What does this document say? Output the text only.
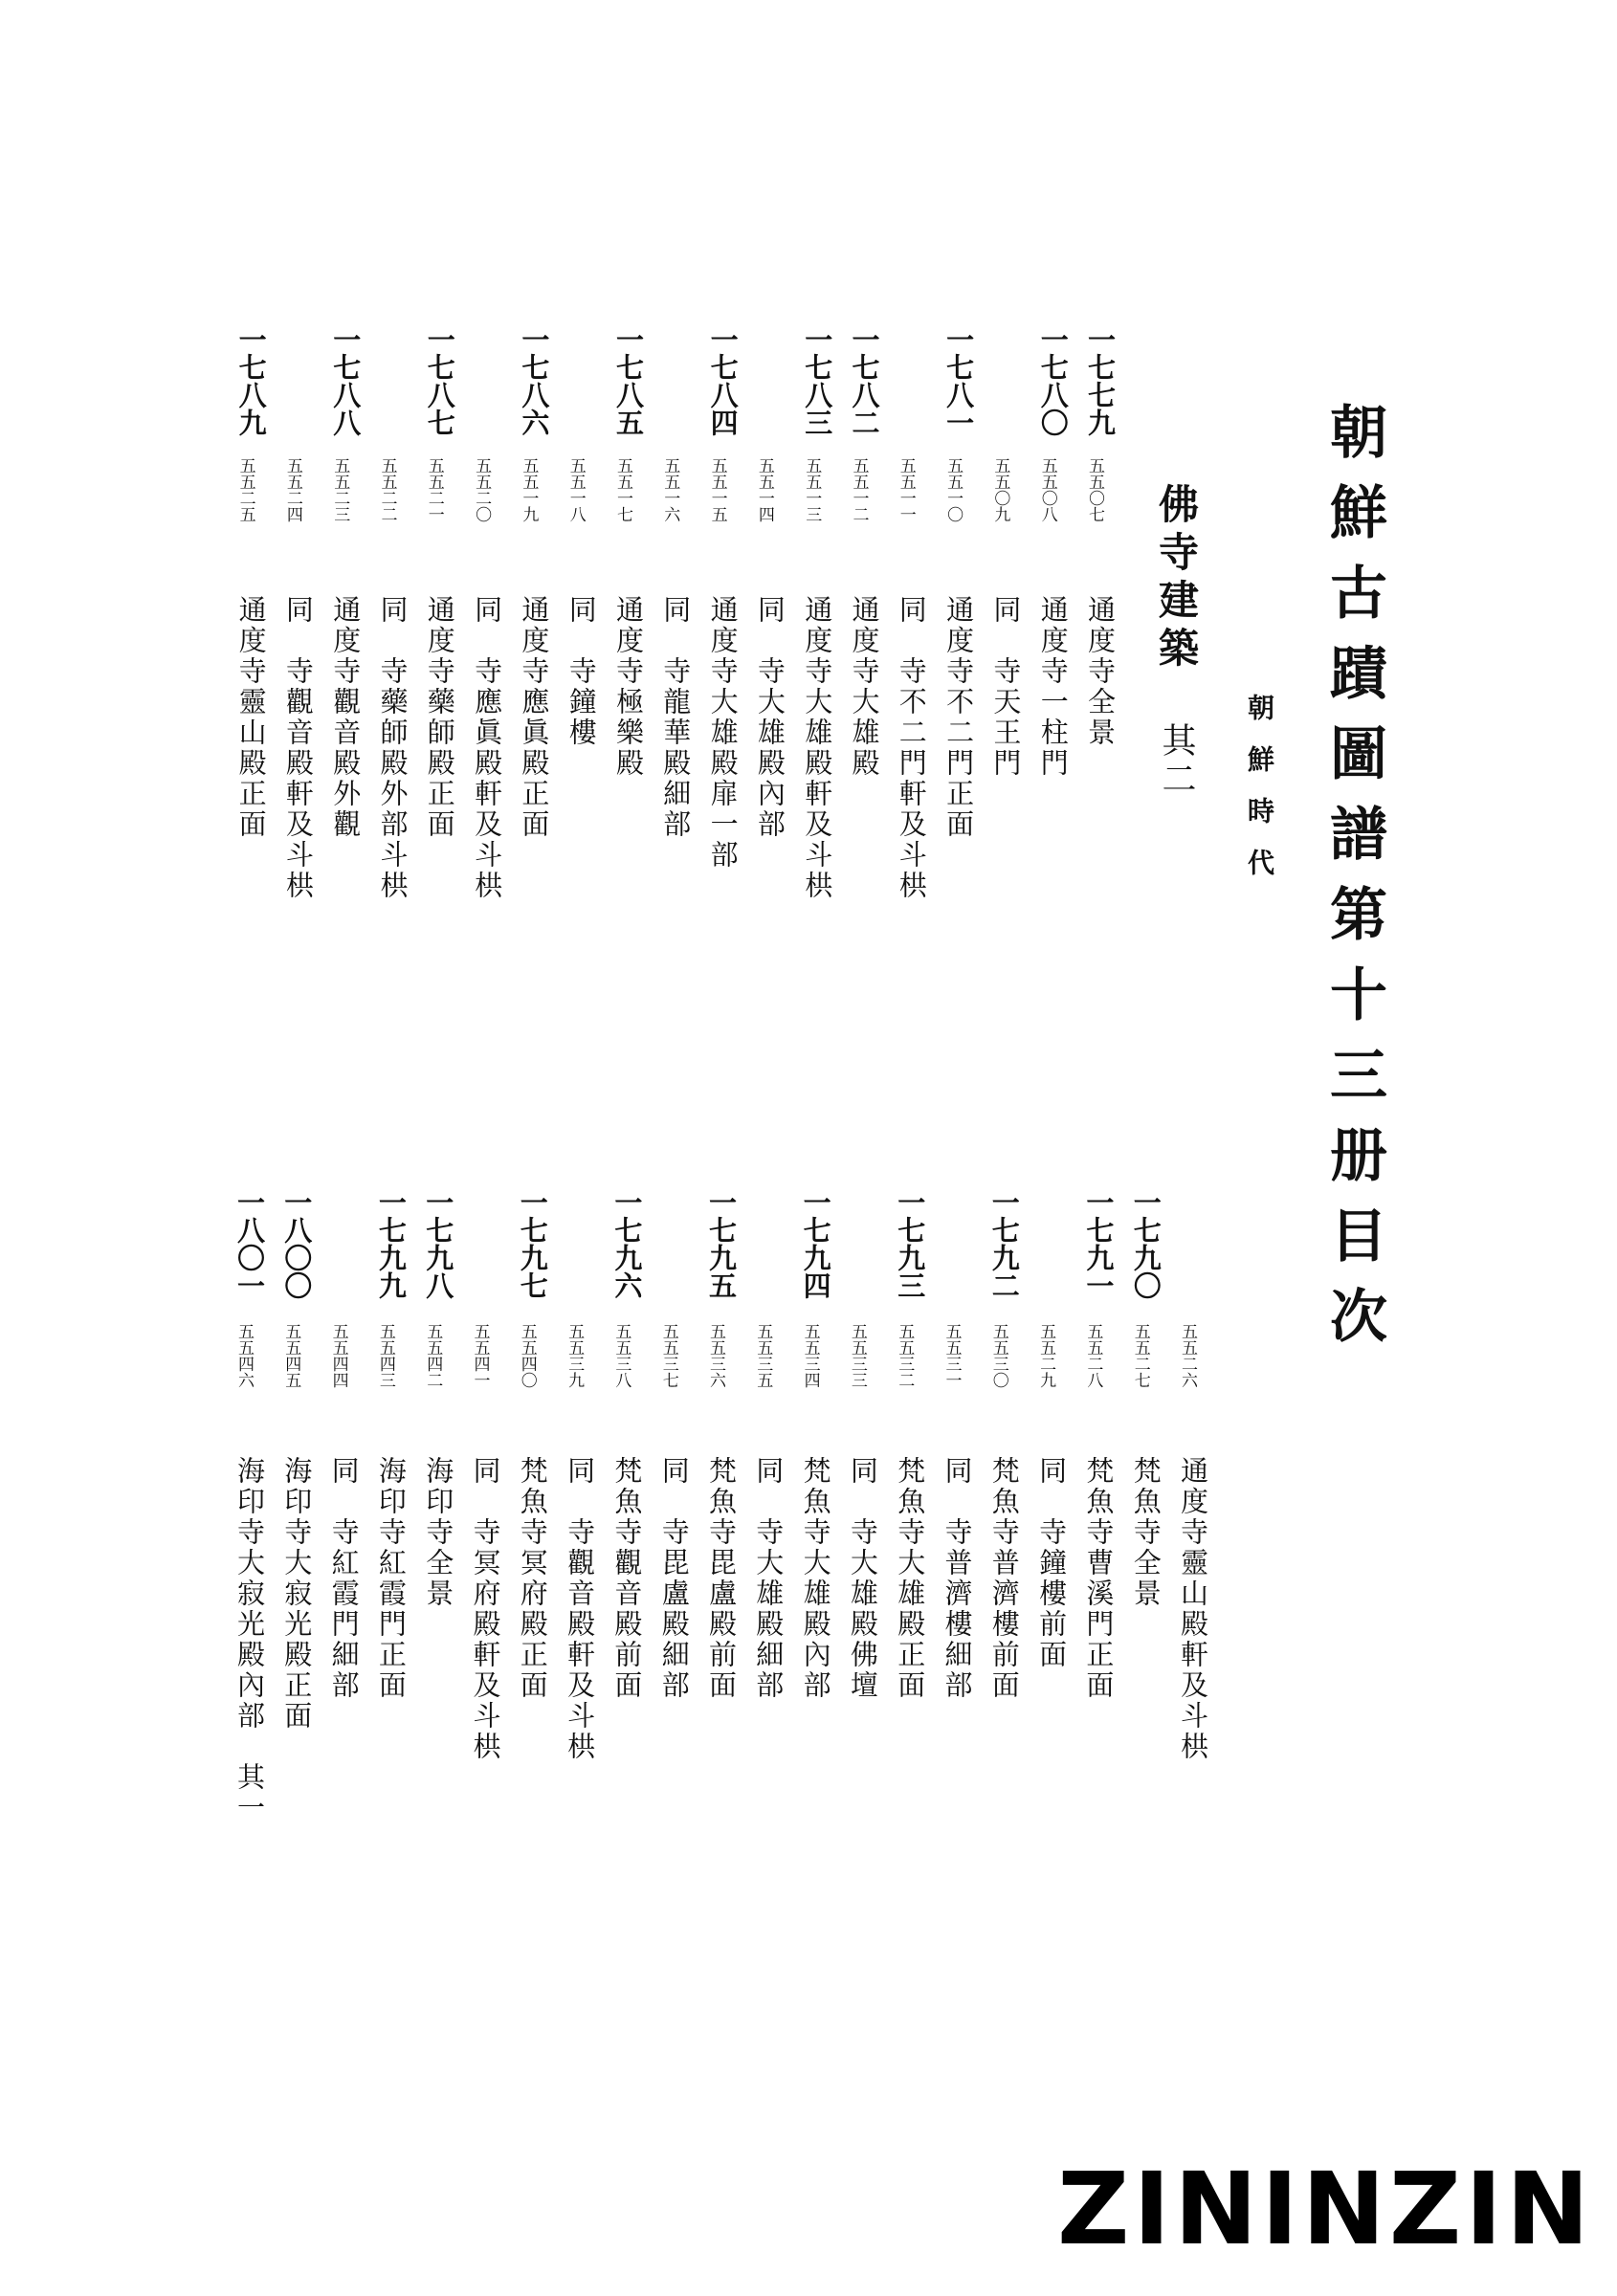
朝鮮古蹟圖譜第十三册目次
朝鮮時代
佛寺建築　其二
一七七九
五五〇七
通度寺全景
一七八〇
五五〇八
通度寺一柱門
五五〇九
同　寺天王門
一七八一
五五一〇
通度寺不二門正面
五五一一
同　寺不二門軒及斗栱
一七八二
五五一二
通度寺大雄殿
一七八三
五五一三
通度寺大雄殿軒及斗栱
五五一四
同　寺大雄殿內部
一七八四
五五一五
通度寺大雄殿扉一部
五五一六
同　寺龍華殿細部
一七八五
五五一七
通度寺極樂殿
五五一八
同　寺鐘樓
一七八六
五五一九
通度寺應眞殿正面
五五二〇
同　寺應眞殿軒及斗栱
一七八七
五五二一
通度寺藥師殿正面
五五二二
同　寺藥師殿外部斗栱
一七八八
五五二三
通度寺觀音殿外觀
五五二四
同　寺觀音殿軒及斗栱
一七八九
五五二五
通度寺靈山殿正面
五五二六
通度寺靈山殿軒及斗栱
一七九〇
五五二七
梵魚寺全景
一七九一
五五二八
梵魚寺曹溪門正面
五五二九
同　寺鐘樓前面
一七九二
五五三〇
梵魚寺普濟樓前面
五五三一
同　寺普濟樓細部
一七九三
五五三二
梵魚寺大雄殿正面
五五三三
同　寺大雄殿佛壇
一七九四
五五三四
梵魚寺大雄殿內部
五五三五
同　寺大雄殿細部
一七九五
五五三六
梵魚寺毘盧殿前面
五五三七
同　寺毘盧殿細部
一七九六
五五三八
梵魚寺觀音殿前面
五五三九
同　寺觀音殿軒及斗栱
一七九七
五五四〇
梵魚寺冥府殿正面
五五四一
同　寺冥府殿軒及斗栱
一七九八
五五四二
海印寺全景
一七九九
五五四三
海印寺紅霞門正面
五五四四
同　寺紅霞門細部
一八〇〇
五五四五
海印寺大寂光殿正面
一八〇一
五五四六
海印寺大寂光殿內部　其一
ZININZIN
